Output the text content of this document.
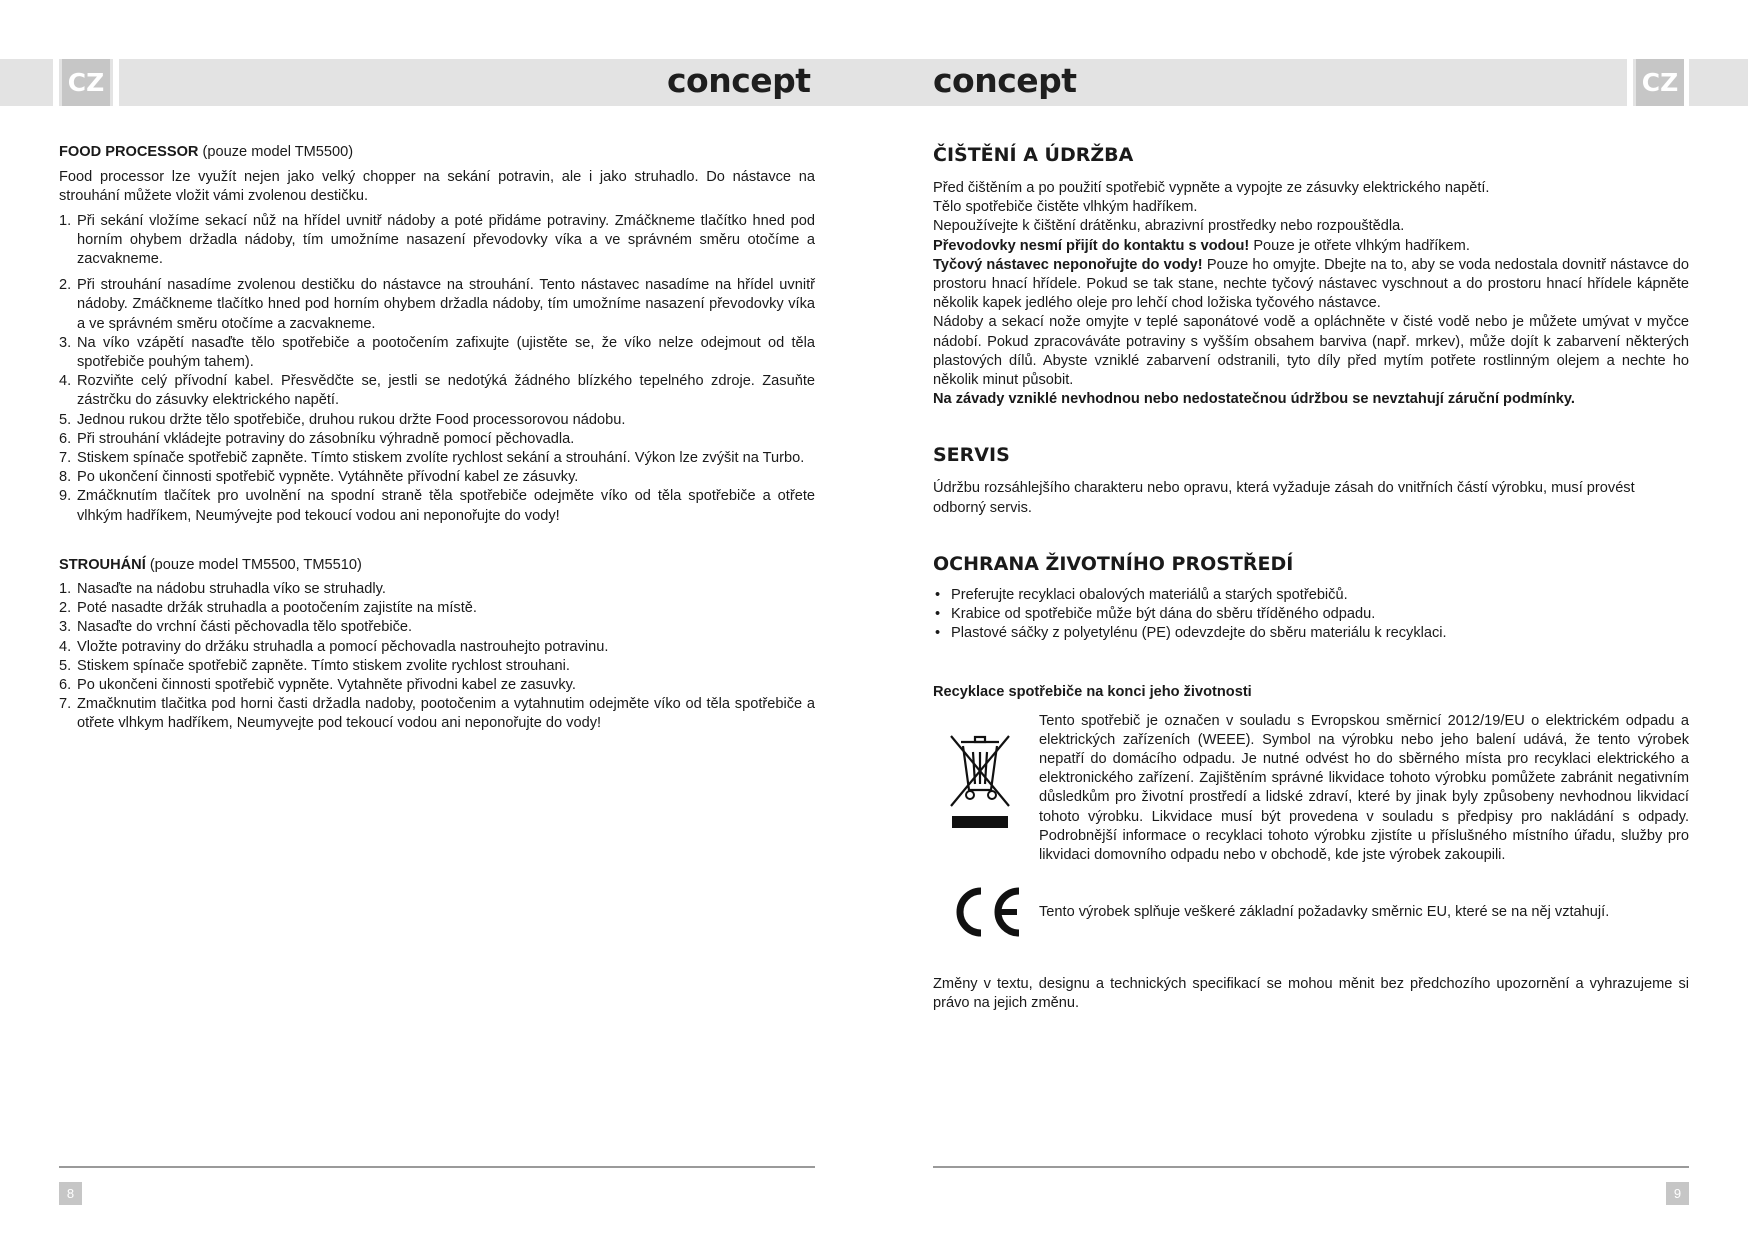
CZ	CZ
concept	concept

FOOD PROCESSOR (pouze model TM5500)

Food processor lze využít nejen jako velký chopper na sekání potravin, ale i jako struhadlo. Do nástavce na strouhání můžete vložit vámi zvolenou destičku.

1. Při sekání vložíme sekací nůž na hřídel uvnitř nádoby a poté přidáme potraviny. Zmáčkneme tlačítko hned pod horním ohybem držadla nádoby, tím umožníme nasazení převodovky víka a ve správném směru otočíme a zacvakneme.
2. Při strouhání nasadíme zvolenou destičku do nástavce na strouhání. Tento nástavec nasadíme na hřídel uvnitř nádoby. Zmáčkneme tlačítko hned pod horním ohybem držadla nádoby, tím umožníme nasazení převodovky víka a ve správném směru otočíme a zacvakneme.
3. Na víko vzápětí nasaďte tělo spotřebiče a pootočením zafixujte (ujistěte se, že víko nelze odejmout od těla spotřebiče pouhým tahem).
4. Rozviňte celý přívodní kabel. Přesvědčte se, jestli se nedotýká žádného blízkého tepelného zdroje. Zasuňte zástrčku do zásuvky elektrického napětí.
5. Jednou rukou držte tělo spotřebiče, druhou rukou držte Food processorovou nádobu.
6. Při strouhání vkládejte potraviny do zásobníku výhradně pomocí pěchovadla.
7. Stiskem spínače spotřebič zapněte. Tímto stiskem zvolíte rychlost sekání a strouhání. Výkon lze zvýšit na Turbo.
8. Po ukončení činnosti spotřebič vypněte. Vytáhněte přívodní kabel ze zásuvky.
9. Zmáčknutím tlačítek pro uvolnění na spodní straně těla spotřebiče odejměte víko od těla spotřebiče a otřete vlhkým hadříkem, Neumývejte pod tekoucí vodou ani neponořujte do vody!

STROUHÁNÍ (pouze model TM5500, TM5510)

1. Nasaďte na nádobu struhadla víko se struhadly.
2. Poté nasadte držák struhadla a pootočením zajistíte na místě.
3. Nasaďte do vrchní části pěchovadla tělo spotřebiče.
4. Vložte potraviny do držáku struhadla a pomocí pěchovadla nastrouhejto potravinu.
5. Stiskem spínače spotřebič zapněte. Tímto stiskem zvolite rychlost strouhani.
6. Po ukončeni činnosti spotřebič vypněte. Vytahněte přivodni kabel ze zasuvky.
7. Zmačknutim tlačitka pod horni časti držadla nadoby, pootočenim a vytahnutim odejměte víko od těla spotřebiče a otřete vlhkym hadříkem, Neumyvejte pod tekoucí vodou ani neponořujte do vody!
ČIŠTĚNÍ A ÚDRŽBA

Před čištěním a po použití spotřebič vypněte a vypojte ze zásuvky elektrického napětí.

Tělo spotřebiče čistěte vlhkým hadříkem.

Nepoužívejte k čištění drátěnku, abrazivní prostředky nebo rozpouštědla.

Převodovky nesmí přijít do kontaktu s vodou! Pouze je otřete vlhkým hadříkem.

Tyčový nástavec neponořujte do vody! Pouze ho omyjte. Dbejte na to, aby se voda nedostala dovnitř nástavce do prostoru hnací hřídele. Pokud se tak stane, nechte tyčový nástavec vyschnout a do prostoru hnací hřídele kápněte několik kapek jedlého oleje pro lehčí chod ložiska tyčového nástavce.

Nádoby a sekací nože omyjte v teplé saponátové vodě a opláchněte v čisté vodě nebo je můžete umývat v myčce nádobí. Pokud zpracováváte potraviny s vyšším obsahem barviva (např. mrkev), může dojít k zabarvení některých plastových dílů. Abyste vzniklé zabarvení odstranili, tyto díly před mytím potřete rostlinným olejem a nechte ho několik minut působit.

Na závady vzniklé nevhodnou nebo nedostatečnou údržbou se nevztahují záruční podmínky.

SERVIS

Údržbu rozsáhlejšího charakteru nebo opravu, která vyžaduje zásah do vnitřních částí výrobku, musí provést odborný servis.

OCHRANA ŽIVOTNÍHO PROSTŘEDÍ
• Preferujte recyklaci obalových materiálů a starých spotřebičů.
• Krabice od spotřebiče může být dána do sběru tříděného odpadu.
• Plastové sáčky z polyetylénu (PE) odevzdejte do sběru materiálu k recyklaci.

Recyklace spotřebiče na konci jeho životnosti

Tento spotřebič je označen v souladu s Evropskou směrnicí 2012/19/EU o elektrickém odpadu a elektrických zařízeních (WEEE). Symbol na výrobku nebo jeho balení udává, že tento výrobek nepatří do domácího odpadu. Je nutné odvést ho do sběrného místa pro recyklaci elektrického a elektronického zařízení. Zajištěním správné likvidace tohoto výrobku pomůžete zabránit negativním důsledkům pro životní prostředí a lidské zdraví, které by jinak byly způsobeny nevhodnou likvidací tohoto výrobku. Likvidace musí být provedena v souladu s předpisy pro nakládání s odpady. Podrobnější informace o recyklaci tohoto výrobku zjistíte u příslušného místního úřadu, služby pro likvidaci domovního odpadu nebo v obchodě, kde jste výrobek zakoupili.

Tento výrobek splňuje veškeré základní požadavky směrnic EU, které se na něj vztahují.

Změny v textu, designu a technických specifikací se mohou měnit bez předchozího upozornění a vyhrazujeme si právo na jejich změnu.

8	9
